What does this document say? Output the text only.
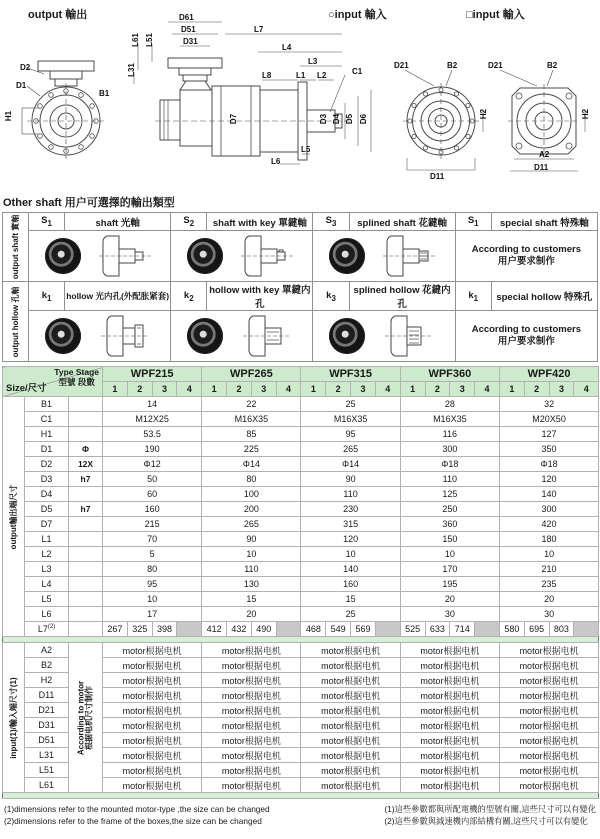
output 輸出	○input 輸入	□input 輸入
D2
D1
B1
H1
D61
D51
D31
L61 L51
L31
L7
L4
L3
L8	L1 L2	C1
D7	D3 D4 D5 D6
L5
L6
D21	B2
H2
D11
D21	B2
H2
A2
D11
Other shaft 用户可選擇的輸出類型
output shaft 實軸	$S_1$	shaft 光軸	$S_2$	shaft with key 單鍵軸	$S_3$	splined shaft 花鍵軸	$S_1$	special shaft 特殊軸

According to customers
用户要求制作	

output hollow 孔軸	$k_1$	hollow 光内孔(外配胀紧套)	$k_2$	hollow with key 單鍵内孔	$k_3$	splined hollow 花鍵内孔	$k_1$	special hollow 特殊孔

According to customers
用户要求制作	
Type Stage
型號 段數
Size/尺寸			WPF215				WPF265				WPF315				WPF360				WPF420			
			1	2	3	4	1	2	3	4	1	2	3	4	1	2	3	4	1	2	3	4

output輸出端尺寸	B1		14				22				25				28				32			
	C1		M12X25				M16X35				M16X35				M16X35				M20X50			
	H1		53.5				85				95				116				127			
	D1	Φ	190				225				265				300				350			
	D2	12X	Φ12				Φ14				Φ14				Φ18				Φ18			
	D3	h7	50				80				90				110				120			
	D4		60				100				110				125				140			
	D5	h7	160				200				230				250				300			
	D7		215				265				315				360				420			
	L1		70				90				120				150				180			
	L2		5				10				10				10				10			
	L3		80				110				140				170				210			
	L4		95				130				160				195				235			
	L5		10				15				15				20				20			
	L6		17				20				25				30				30			
	L7$^{(2)}$		267	325	398		412	432	490		468	549	569		525	633	714		580	695	803	

input(1)/輸入端尺寸(1)	A2	According to motor 根据电机尺寸制作	motor根据电机				motor根据电机				motor根据电机				motor根据电机				motor根据电机			
	B2		motor根据电机				motor根据电机				motor根据电机				motor根据电机				motor根据电机			
	H2		motor根据电机				motor根据电机				motor根据电机				motor根据电机				motor根据电机			
	D11		motor根据电机				motor根据电机				motor根据电机				motor根据电机				motor根据电机			
	D21		motor根据电机				motor根据电机				motor根据电机				motor根据电机				motor根据电机			
	D31		motor根据电机				motor根据电机				motor根据电机				motor根据电机				motor根据电机			
	D51		motor根据电机				motor根据电机				motor根据电机				motor根据电机				motor根据电机			
	L31		motor根据电机				motor根据电机				motor根据电机				motor根据电机				motor根据电机			
	L51		motor根据电机				motor根据电机				motor根据电机				motor根据电机				motor根据电机			
	L61		motor根据电机				motor根据电机				motor根据电机				motor根据电机				motor根据电机			

(1)dimensions refer to the mounted motor-type ,the size can be changed
(2)dimensions refer to the frame of the boxes,the size can be changed
(1)這些參數都與所配電機的型號有關,這些尺寸可以有變化
(2)這些參數與減速機内部結構有關,這些尺寸可以有變化
